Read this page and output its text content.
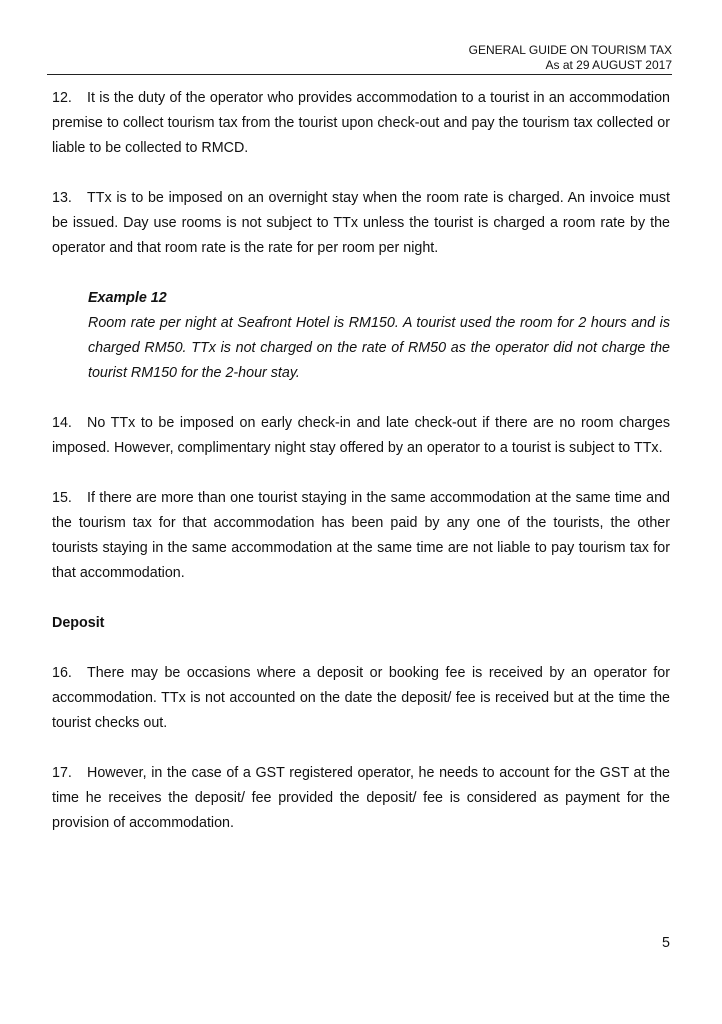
GENERAL GUIDE ON TOURISM TAX
As at 29 AUGUST 2017

12. It is the duty of the operator who provides accommodation to a tourist in an accommodation premise to collect tourism tax from the tourist upon check-out and pay the tourism tax collected or liable to be collected to RMCD.

13. TTx is to be imposed on an overnight stay when the room rate is charged. An invoice must be issued. Day use rooms is not subject to TTx unless the tourist is charged a room rate by the operator and that room rate is the rate for per room per night.

Example 12

Room rate per night at Seafront Hotel is RM150. A tourist used the room for 2 hours and is charged RM50. TTx is not charged on the rate of RM50 as the operator did not charge the tourist RM150 for the 2-hour stay.

14. No TTx to be imposed on early check-in and late check-out if there are no room charges imposed. However, complimentary night stay offered by an operator to a tourist is subject to TTx.

15. If there are more than one tourist staying in the same accommodation at the same time and the tourism tax for that accommodation has been paid by any one of the tourists, the other tourists staying in the same accommodation at the same time are not liable to pay tourism tax for that accommodation.

Deposit

16. There may be occasions where a deposit or booking fee is received by an operator for accommodation. TTx is not accounted on the date the deposit/ fee is received but at the time the tourist checks out.

17. However, in the case of a GST registered operator, he needs to account for the GST at the time he receives the deposit/ fee provided the deposit/ fee is considered as payment for the provision of accommodation.

5
